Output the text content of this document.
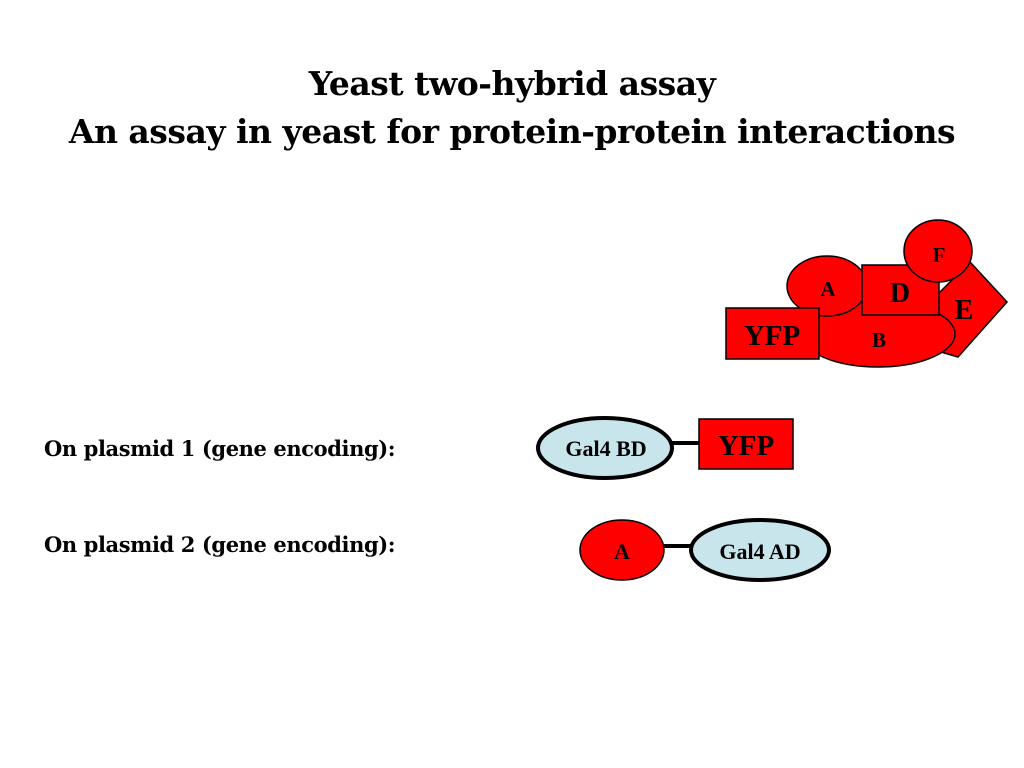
Yeast two-hybrid assay
An assay in yeast for protein-protein interactions
On plasmid 1 (gene encoding):
On plasmid 2 (gene encoding):
YFP
A
B
D
E
F
Gal4 BD YFP
A	Gal4 AD
